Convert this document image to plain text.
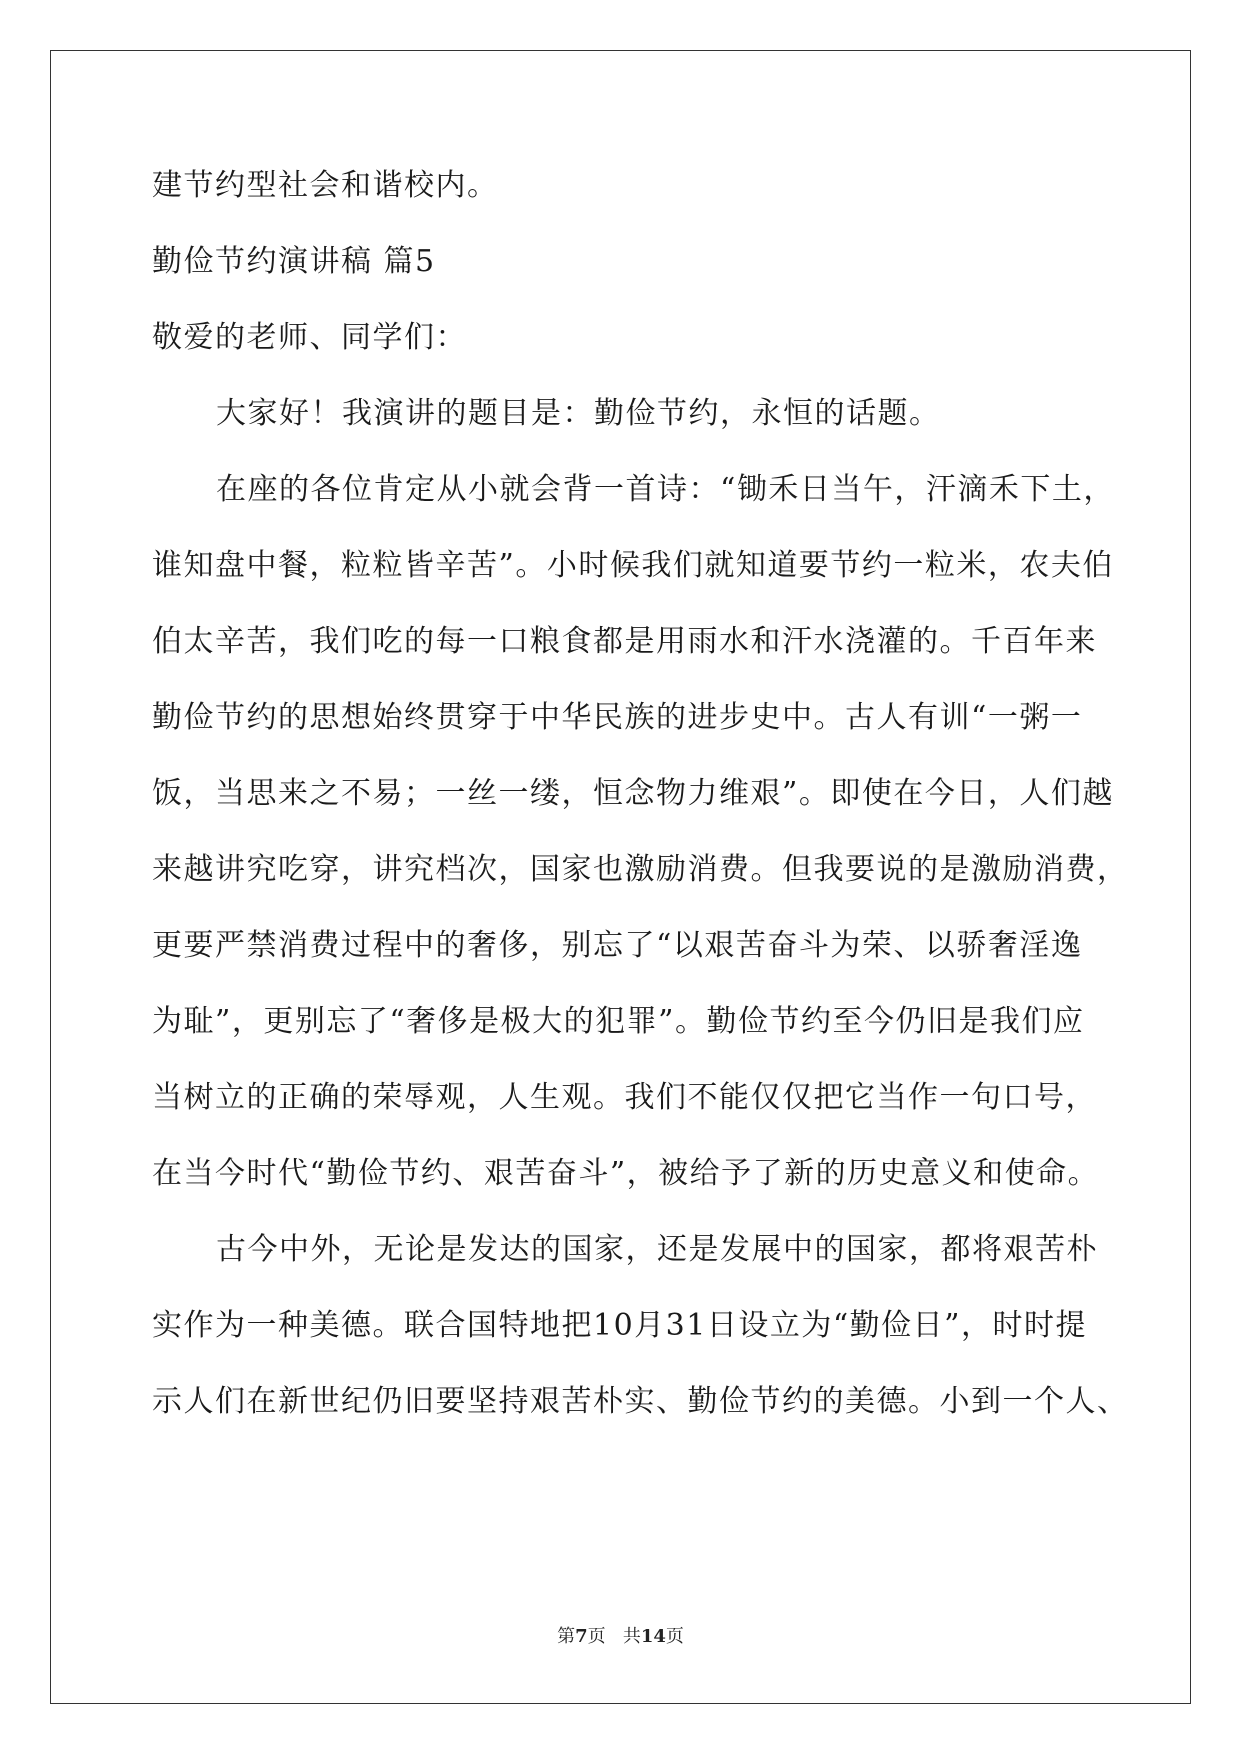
建节约型社会和谐校内。
勤俭节约演讲稿 篇5
敬爱的老师、同学们：
大家好！我演讲的题目是：勤俭节约，永恒的话题。
在座的各位肯定从小就会背一首诗：“锄禾日当午，汗滴禾下土，
谁知盘中餐，粒粒皆辛苦”。小时候我们就知道要节约一粒米，农夫伯
伯太辛苦，我们吃的每一口粮食都是用雨水和汗水浇灌的。千百年来
勤俭节约的思想始终贯穿于中华民族的进步史中。古人有训“一粥一
饭，当思来之不易；一丝一缕，恒念物力维艰”。即使在今日，人们越
来越讲究吃穿，讲究档次，国家也激励消费。但我要说的是激励消费，
更要严禁消费过程中的奢侈，别忘了“以艰苦奋斗为荣、以骄奢淫逸
为耻”，更别忘了“奢侈是极大的犯罪”。勤俭节约至今仍旧是我们应
当树立的正确的荣辱观，人生观。我们不能仅仅把它当作一句口号，
在当今时代“勤俭节约、艰苦奋斗”，被给予了新的历史意义和使命。
古今中外，无论是发达的国家，还是发展中的国家，都将艰苦朴
实作为一种美德。联合国特地把10月31日设立为“勤俭日”，时时提
示人们在新世纪仍旧要坚持艰苦朴实、勤俭节约的美德。小到一个人、
第7页 共14页
